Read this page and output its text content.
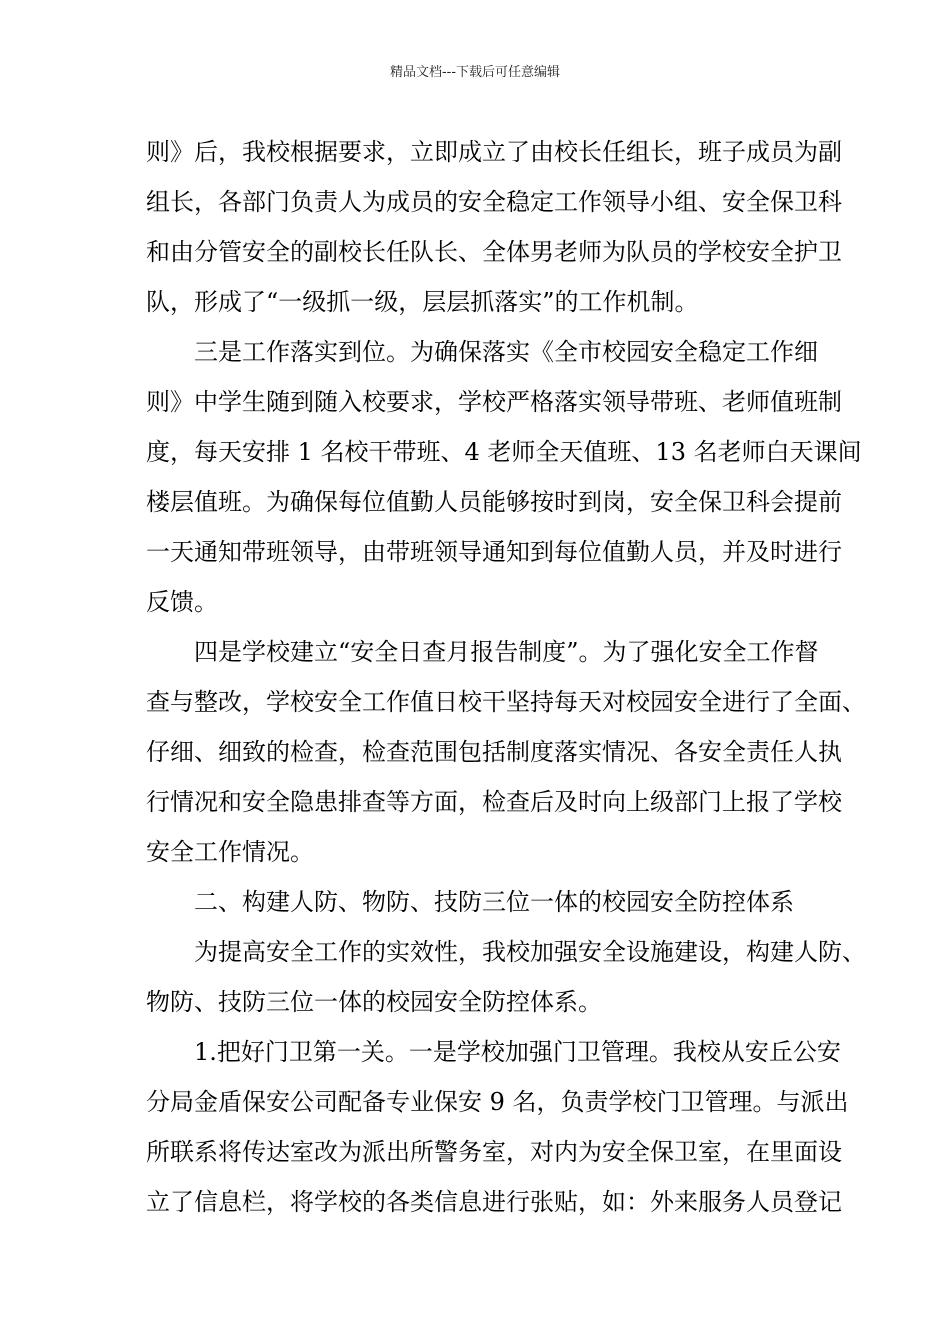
精品文档---下载后可任意编辑
则》后，我校根据要求，立即成立了由校长任组长，班子成员为副
组长，各部门负责人为成员的安全稳定工作领导小组、安全保卫科
和由分管安全的副校长任队长、全体男老师为队员的学校安全护卫
队，形成了“一级抓一级，层层抓落实”的工作机制。
三是工作落实到位。为确保落实《全市校园安全稳定工作细
则》中学生随到随入校要求，学校严格落实领导带班、老师值班制
度，每天安排 1 名校干带班、4 老师全天值班、13 名老师白天课间
楼层值班。为确保每位值勤人员能够按时到岗，安全保卫科会提前
一天通知带班领导，由带班领导通知到每位值勤人员，并及时进行
反馈。
四是学校建立“安全日查月报告制度”。为了强化安全工作督
查与整改，学校安全工作值日校干坚持每天对校园安全进行了全面、
仔细、细致的检查，检查范围包括制度落实情况、各安全责任人执
行情况和安全隐患排查等方面，检查后及时向上级部门上报了学校
安全工作情况。
二、构建人防、物防、技防三位一体的校园安全防控体系
为提高安全工作的实效性，我校加强安全设施建设，构建人防、
物防、技防三位一体的校园安全防控体系。
1.把好门卫第一关。一是学校加强门卫管理。我校从安丘公安
分局金盾保安公司配备专业保安 9 名，负责学校门卫管理。与派出
所联系将传达室改为派出所警务室，对内为安全保卫室，在里面设
立了信息栏，将学校的各类信息进行张贴，如：外来服务人员登记
